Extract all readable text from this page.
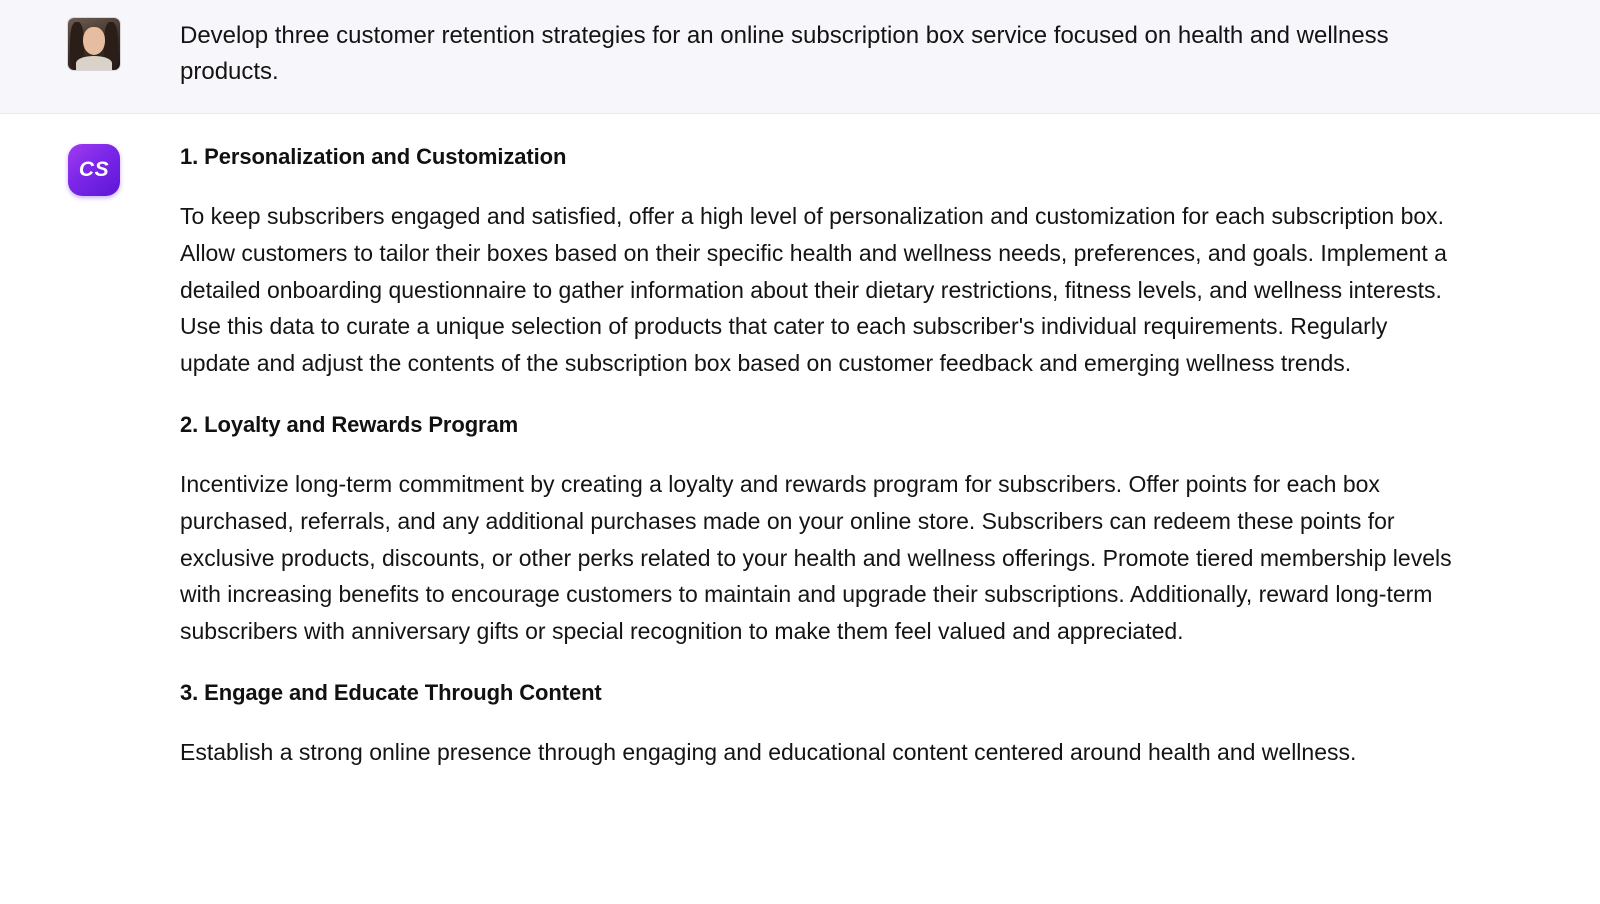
Develop three customer retention strategies for an online subscription box service focused on health and wellness products.

CS
1. Personalization and Customization

To keep subscribers engaged and satisfied, offer a high level of personalization and customization for each subscription box. Allow customers to tailor their boxes based on their specific health and wellness needs, preferences, and goals. Implement a detailed onboarding questionnaire to gather information about their dietary restrictions, fitness levels, and wellness interests. Use this data to curate a unique selection of products that cater to each subscriber's individual requirements. Regularly update and adjust the contents of the subscription box based on customer feedback and emerging wellness trends.

2. Loyalty and Rewards Program

Incentivize long-term commitment by creating a loyalty and rewards program for subscribers. Offer points for each box purchased, referrals, and any additional purchases made on your online store. Subscribers can redeem these points for exclusive products, discounts, or other perks related to your health and wellness offerings. Promote tiered membership levels with increasing benefits to encourage customers to maintain and upgrade their subscriptions. Additionally, reward long-term subscribers with anniversary gifts or special recognition to make them feel valued and appreciated.

3. Engage and Educate Through Content

Establish a strong online presence through engaging and educational content centered around health and wellness.
